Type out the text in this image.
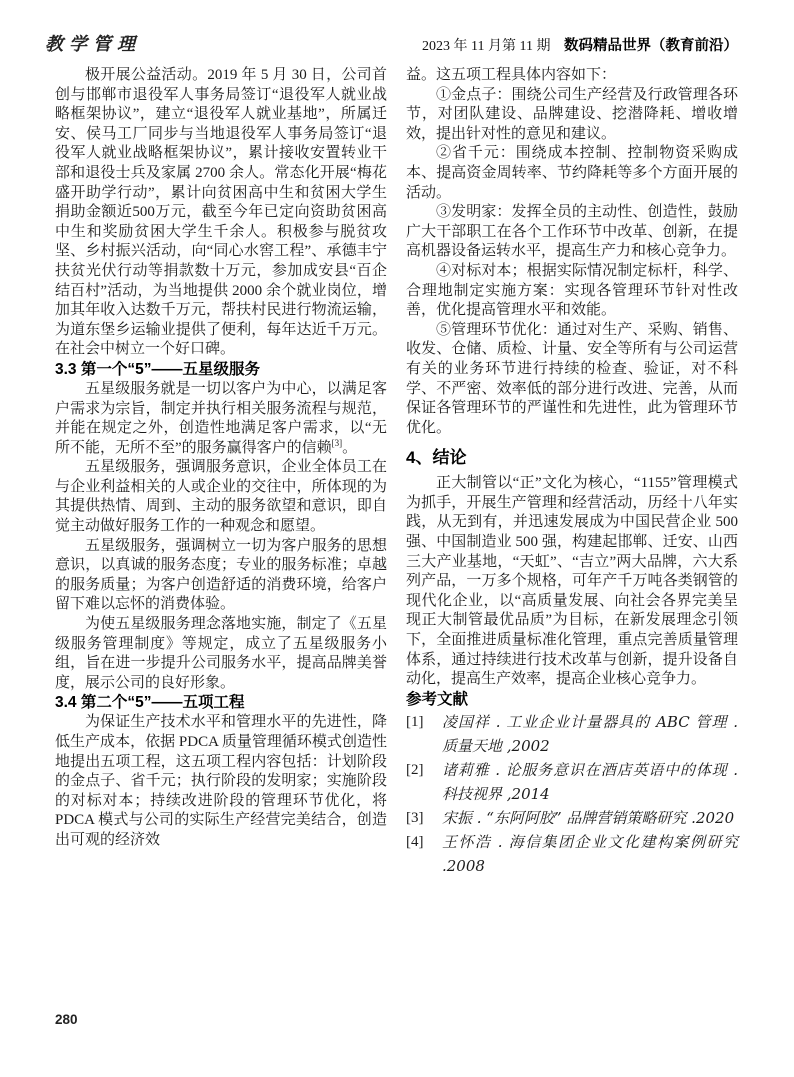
教学管理	2023 年 11 月第 11 期 数码精品世界（教育前沿）

极开展公益活动。2019 年 5 月 30 日，公司首创与邯郸市退役军人事务局签订“退役军人就业战略框架协议”，建立“退役军人就业基地”，所属迁安、侯马工厂同步与当地退役军人事务局签订“退役军人就业战略框架协议”，累计接收安置转业干部和退役士兵及家属 2700 余人。常态化开展“梅花盛开助学行动”，累计向贫困高中生和贫困大学生捐助金额近500万元，截至今年已定向资助贫困高中生和奖励贫困大学生千余人。积极参与脱贫攻坚、乡村振兴活动，向“同心水窖工程”、承德丰宁扶贫光伏行动等捐款数十万元，参加成安县“百企结百村”活动，为当地提供 2000 余个就业岗位，增加其年收入达数千万元，帮扶村民进行物流运输，为道东堡乡运输业提供了便利，每年达近千万元。在社会中树立一个好口碑。

3.3 第一个“5”——五星级服务

五星级服务就是一切以客户为中心，以满足客户需求为宗旨，制定并执行相关服务流程与规范，并能在规定之外，创造性地满足客户需求，以“无所不能，无所不至”的服务赢得客户的信赖[3]。

五星级服务，强调服务意识，企业全体员工在与企业利益相关的人或企业的交往中，所体现的为其提供热情、周到、主动的服务欲望和意识，即自觉主动做好服务工作的一种观念和愿望。

五星级服务，强调树立一切为客户服务的思想意识，以真诚的服务态度；专业的服务标准；卓越的服务质量；为客户创造舒适的消费环境，给客户留下难以忘怀的消费体验。

为使五星级服务理念落地实施，制定了《五星级服务管理制度》等规定，成立了五星级服务小组，旨在进一步提升公司服务水平，提高品牌美誉度，展示公司的良好形象。

3.4 第二个“5”——五项工程

为保证生产技术水平和管理水平的先进性，降低生产成本，依据 PDCA 质量管理循环模式创造性地提出五项工程，这五项工程内容包括：计划阶段的金点子、省千元；执行阶段的发明家；实施阶段的对标对本；持续改进阶段的管理环节优化，将 PDCA 模式与公司的实际生产经营完美结合，创造出可观的经济效

益。这五项工程具体内容如下：

①金点子：围绕公司生产经营及行政管理各环节，对团队建设、品牌建设、挖潜降耗、增收增效，提出针对性的意见和建议。

②省千元：围绕成本控制、控制物资采购成本、提高资金周转率、节约降耗等多个方面开展的活动。

③发明家：发挥全员的主动性、创造性，鼓励广大干部职工在各个工作环节中改革、创新，在提高机器设备运转水平，提高生产力和核心竞争力。

④对标对本；根据实际情况制定标杆，科学、合理地制定实施方案：实现各管理环节针对性改善，优化提高管理水平和效能。

⑤管理环节优化：通过对生产、采购、销售、收发、仓储、质检、计量、安全等所有与公司运营有关的业务环节进行持续的检查、验证，对不科学、不严密、效率低的部分进行改进、完善，从而保证各管理环节的严谨性和先进性，此为管理环节优化。

4、结论

正大制管以“正”文化为核心，“1155”管理模式为抓手，开展生产管理和经营活动，历经十八年实践，从无到有，并迅速发展成为中国民营企业 500 强、中国制造业 500 强，构建起邯郸、迁安、山西三大产业基地，“天虹”、“吉立”两大品牌，六大系列产品，一万多个规格，可年产千万吨各类钢管的现代化企业，以“高质量发展、向社会各界完美呈现正大制管最优品质”为目标，在新发展理念引领下，全面推进质量标准化管理，重点完善质量管理体系，通过持续进行技术改革与创新，提升设备自动化，提高生产效率，提高企业核心竞争力。

参考文献
[1]	凌国祥 . 工业企业计量器具的 ABC 管理 . 质量天地 ,2002
[2]	诸莉雅 . 论服务意识在酒店英语中的体现 . 科技视界 ,2014
[3]	宋振 . “东阿阿胶” 品牌营销策略研究 .2020
[4]	王怀浩 . 海信集团企业文化建构案例研究 .2008
280
